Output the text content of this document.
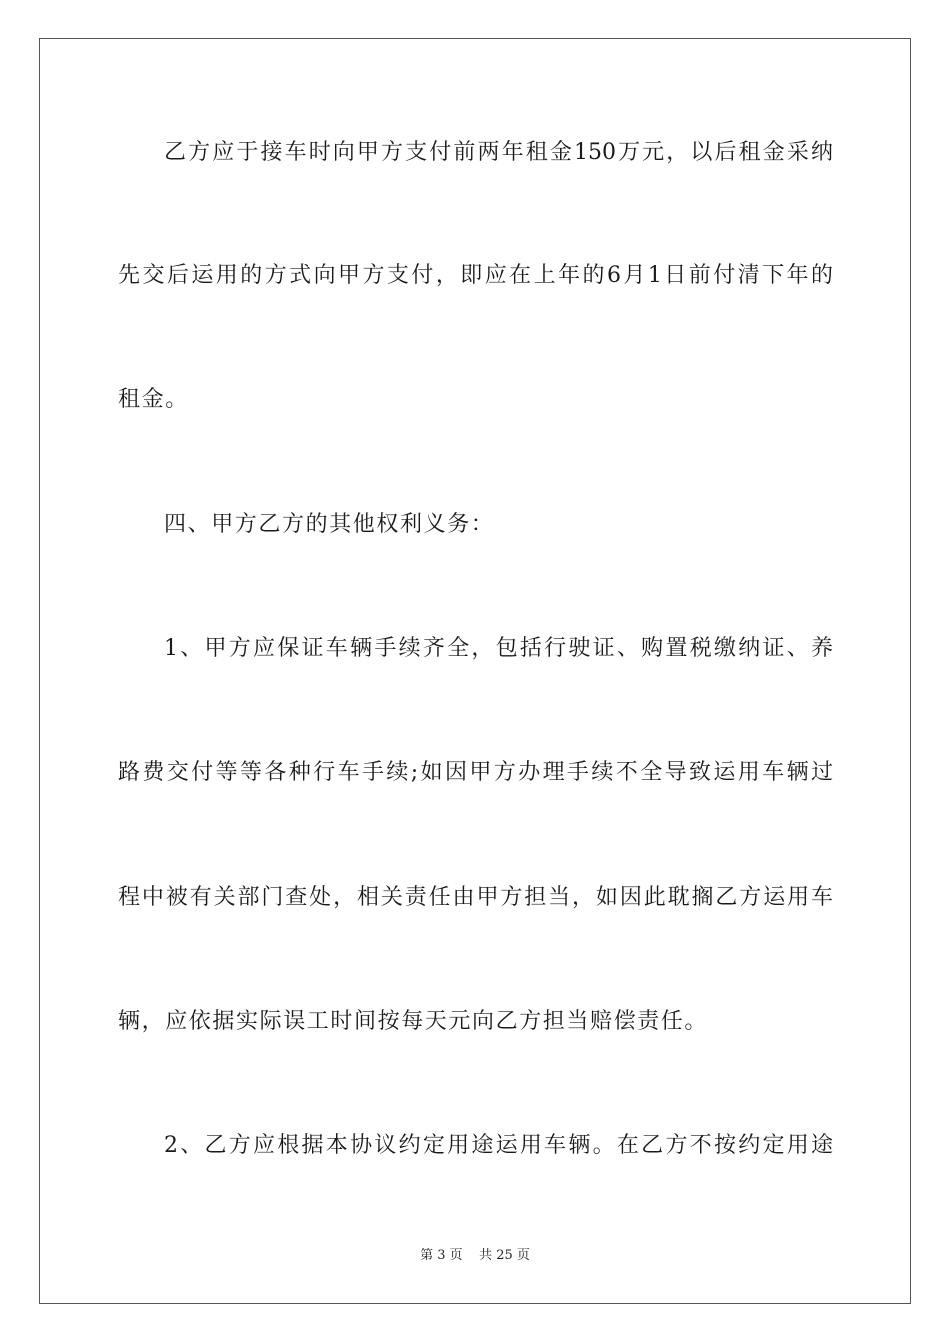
乙方应于接车时向甲方支付前两年租金150万元，以后租金采纳
先交后运用的方式向甲方支付，即应在上年的6月1日前付清下年的
租金。
四、甲方乙方的其他权利义务：
1、甲方应保证车辆手续齐全，包括行驶证、购置税缴纳证、养
路费交付等等各种行车手续;如因甲方办理手续不全导致运用车辆过
程中被有关部门查处，相关责任由甲方担当，如因此耽搁乙方运用车
辆，应依据实际误工时间按每天元向乙方担当赔偿责任。
2、乙方应根据本协议约定用途运用车辆。在乙方不按约定用途
第 3 页    共 25 页
